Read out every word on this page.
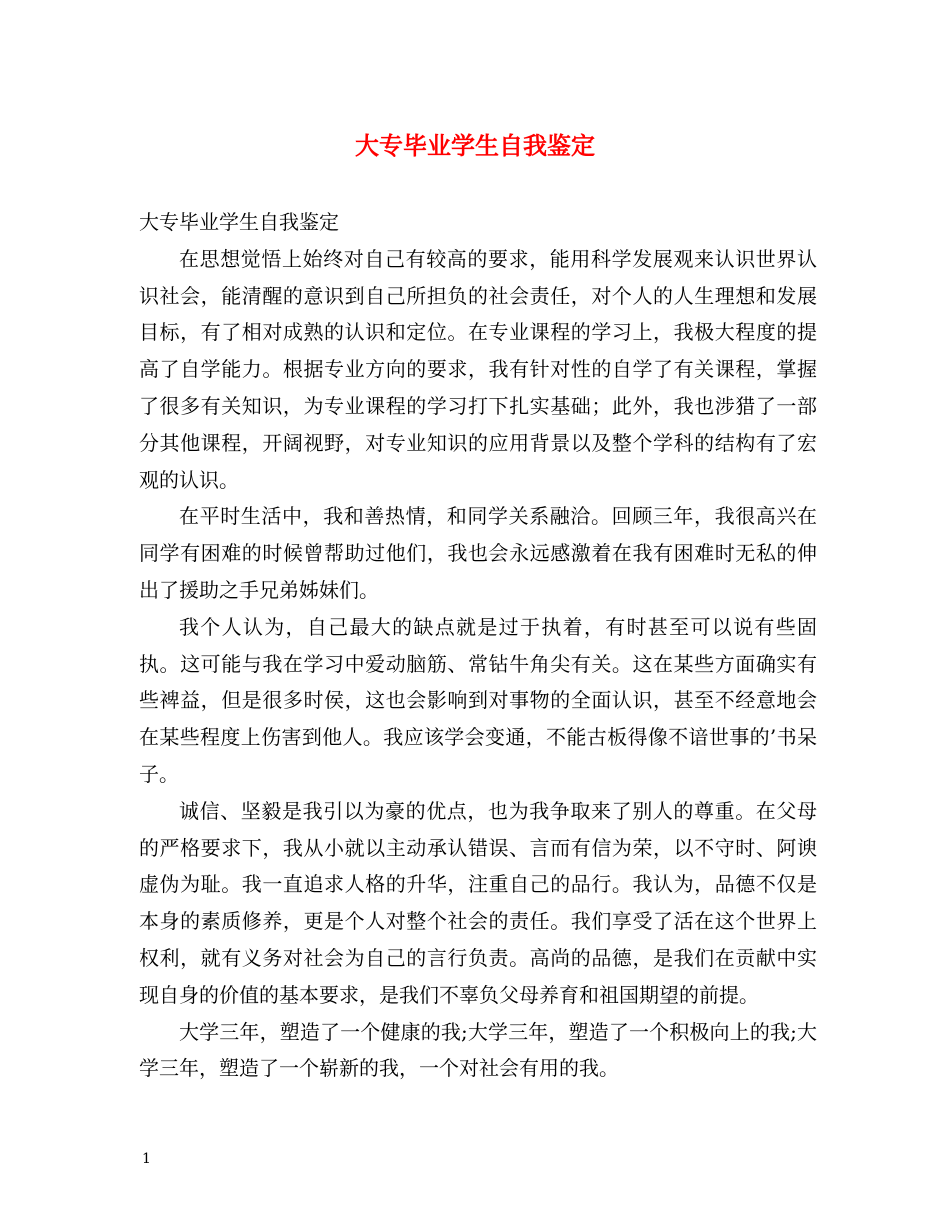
大专毕业学生自我鉴定

大专毕业学生自我鉴定

在思想觉悟上始终对自己有较高的要求，能用科学发展观来认识世界认识社会，能清醒的意识到自己所担负的社会责任，对个人的人生理想和发展目标，有了相对成熟的认识和定位。在专业课程的学习上，我极大程度的提高了自学能力。根据专业方向的要求，我有针对性的自学了有关课程，掌握了很多有关知识，为专业课程的学习打下扎实基础；此外，我也涉猎了一部分其他课程，开阔视野，对专业知识的应用背景以及整个学科的结构有了宏观的认识。

在平时生活中，我和善热情，和同学关系融洽。回顾三年，我很高兴在同学有困难的时候曾帮助过他们，我也会永远感激着在我有困难时无私的伸出了援助之手兄弟姊妹们。

我个人认为，自己最大的缺点就是过于执着，有时甚至可以说有些固执。这可能与我在学习中爱动脑筋、常钻牛角尖有关。这在某些方面确实有些裨益，但是很多时侯，这也会影响到对事物的全面认识，甚至不经意地会在某些程度上伤害到他人。我应该学会变通，不能古板得像不谙世事的’书呆子。

诚信、坚毅是我引以为豪的优点，也为我争取来了别人的尊重。在父母的严格要求下，我从小就以主动承认错误、言而有信为荣，以不守时、阿谀虚伪为耻。我一直追求人格的升华，注重自己的品行。我认为，品德不仅是本身的素质修养，更是个人对整个社会的责任。我们享受了活在这个世界上权利，就有义务对社会为自己的言行负责。高尚的品德，是我们在贡献中实现自身的价值的基本要求，是我们不辜负父母养育和祖国期望的前提。

大学三年，塑造了一个健康的我;大学三年，塑造了一个积极向上的我;大学三年，塑造了一个崭新的我，一个对社会有用的我。

1
